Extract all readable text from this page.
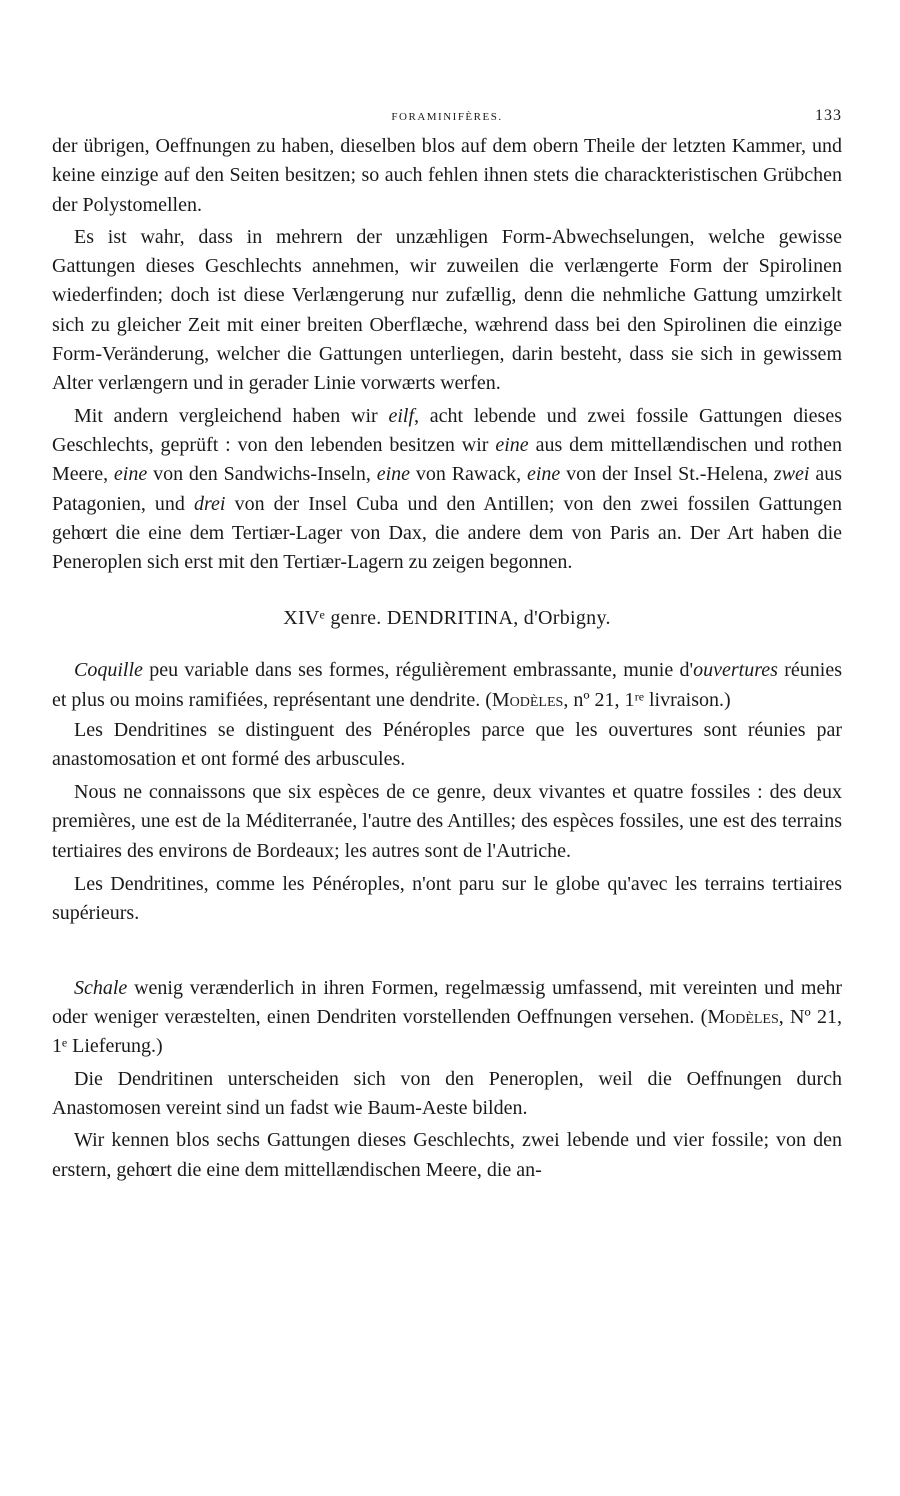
FORAMINIFÈRES.	133

der übrigen, Oeffnungen zu haben, dieselben blos auf dem obern Theile der letzten Kammer, und keine einzige auf den Seiten besitzen; so auch fehlen ihnen stets die charackteristischen Grübchen der Polystomellen.

Es ist wahr, dass in mehrern der unzæhligen Form-Abwechselungen, welche gewisse Gattungen dieses Geschlechts annehmen, wir zuweilen die verlængerte Form der Spirolinen wiederfinden; doch ist diese Verlængerung nur zufællig, denn die nehmliche Gattung umzirkelt sich zu gleicher Zeit mit einer breiten Oberflæche, wæhrend dass bei den Spirolinen die einzige Form-Veränderung, welcher die Gattungen unterliegen, darin besteht, dass sie sich in gewissem Alter verlængern und in gerader Linie vorwærts werfen.

Mit andern vergleichend haben wir eilf, acht lebende und zwei fossile Gattungen dieses Geschlechts, geprüft : von den lebenden besitzen wir eine aus dem mittellændischen und rothen Meere, eine von den Sandwichs-Inseln, eine von Rawack, eine von der Insel St.-Helena, zwei aus Patagonien, und drei von der Insel Cuba und den Antillen; von den zwei fossilen Gattungen gehœrt die eine dem Tertiær-Lager von Dax, die andere dem von Paris an. Der Art haben die Peneroplen sich erst mit den Tertiær-Lagern zu zeigen begonnen.

XIVᵉ genre. DENDRITINA, d'Orbigny.

Coquille peu variable dans ses formes, régulièrement embrassante, munie d'ouvertures réunies et plus ou moins ramifiées, représentant une dendrite. (Modèles, nº 21, 1ʳᵉ livraison.)

Les Dendritines se distinguent des Pénéroples parce que les ouvertures sont réunies par anastomosation et ont formé des arbuscules.

Nous ne connaissons que six espèces de ce genre, deux vivantes et quatre fossiles : des deux premières, une est de la Méditerranée, l'autre des Antilles; des espèces fossiles, une est des terrains tertiaires des environs de Bordeaux; les autres sont de l'Autriche.

Les Dendritines, comme les Pénéroples, n'ont paru sur le globe qu'avec les terrains tertiaires supérieurs.

Schale wenig verænderlich in ihren Formen, regelmæssig umfassend, mit vereinten und mehr oder weniger veræstelten, einen Dendriten vorstellenden Oeffnungen versehen. (Modèles, Nº 21, 1ᵉ Lieferung.)

Die Dendritinen unterscheiden sich von den Peneroplen, weil die Oeffnungen durch Anastomosen vereint sind un fadst wie Baum-Aeste bilden.

Wir kennen blos sechs Gattungen dieses Geschlechts, zwei lebende und vier fossile; von den erstern, gehœrt die eine dem mittellændischen Meere, die an-
